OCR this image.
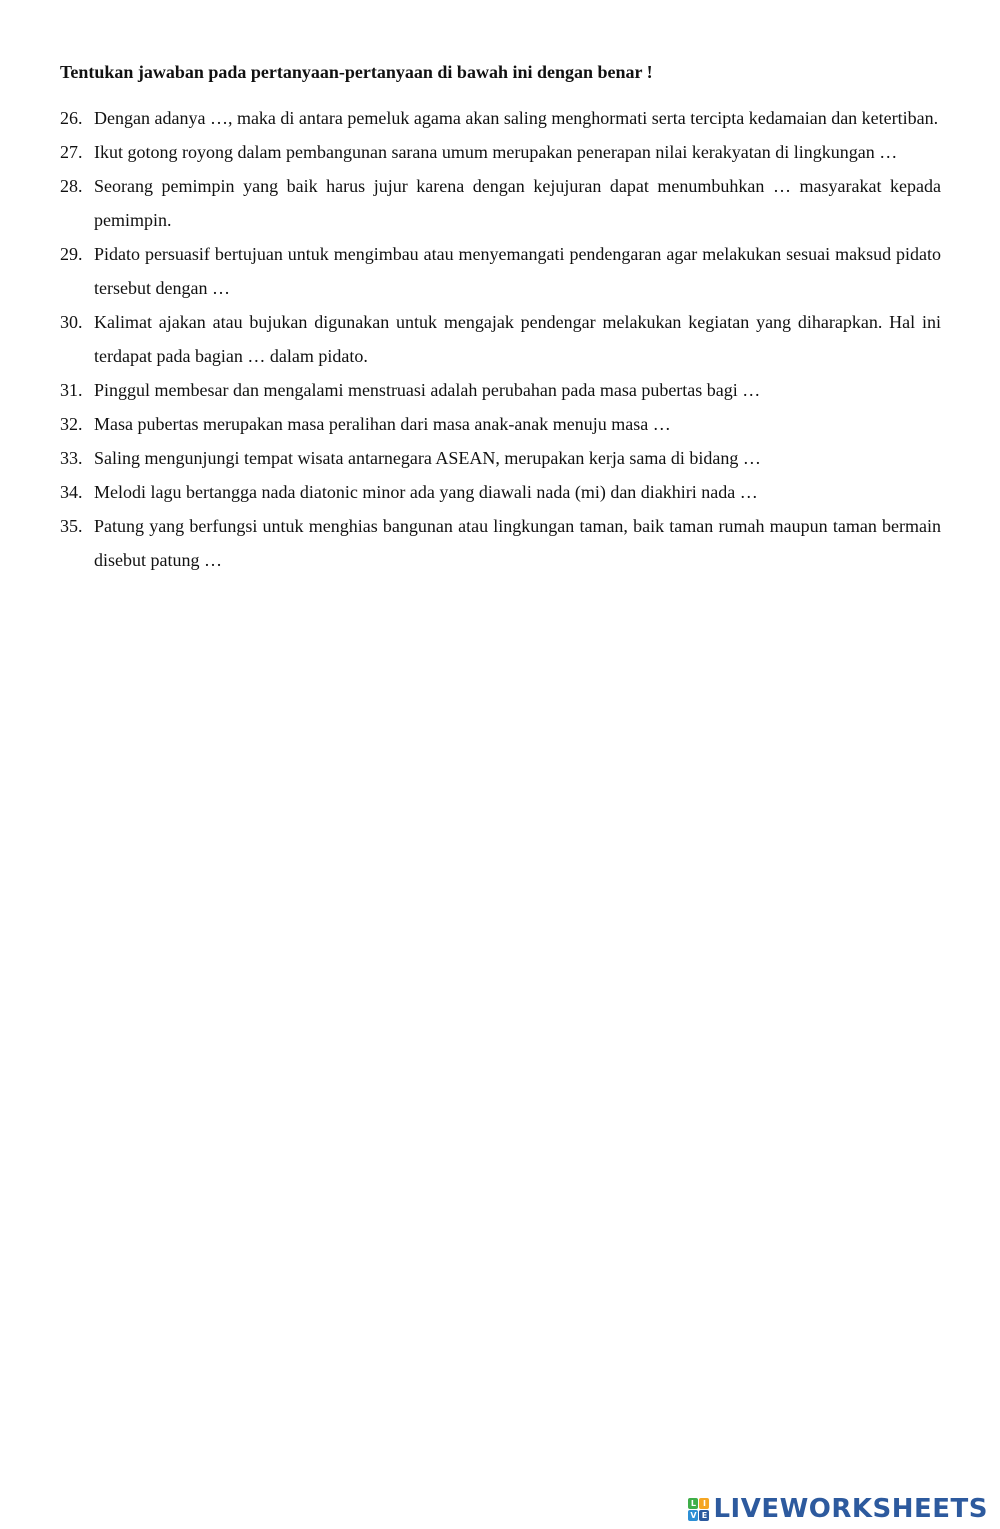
Tentukan jawaban pada pertanyaan-pertanyaan di bawah ini dengan benar !

26. Dengan adanya …, maka di antara pemeluk agama akan saling menghormati serta tercipta kedamaian dan ketertiban.
27. Ikut gotong royong dalam pembangunan sarana umum merupakan penerapan nilai kerakyatan di lingkungan …
28. Seorang pemimpin yang baik harus jujur karena dengan kejujuran dapat menumbuhkan … masyarakat kepada pemimpin.
29. Pidato persuasif bertujuan untuk mengimbau atau menyemangati pendengaran agar melakukan sesuai maksud pidato tersebut dengan …
30. Kalimat ajakan atau bujukan digunakan untuk mengajak pendengar melakukan kegiatan yang diharapkan. Hal ini terdapat pada bagian … dalam pidato.
31. Pinggul membesar dan mengalami menstruasi adalah perubahan pada masa pubertas bagi …
32. Masa pubertas merupakan masa peralihan dari masa anak-anak menuju masa …
33. Saling mengunjungi tempat wisata antarnegara ASEAN, merupakan kerja sama di bidang …
34. Melodi lagu bertangga nada diatonic minor ada yang diawali nada (mi) dan diakhiri nada …
35. Patung yang berfungsi untuk menghias bangunan atau lingkungan taman, baik taman rumah maupun taman bermain disebut patung …
L I
V E LIVEWORKSHEETS
